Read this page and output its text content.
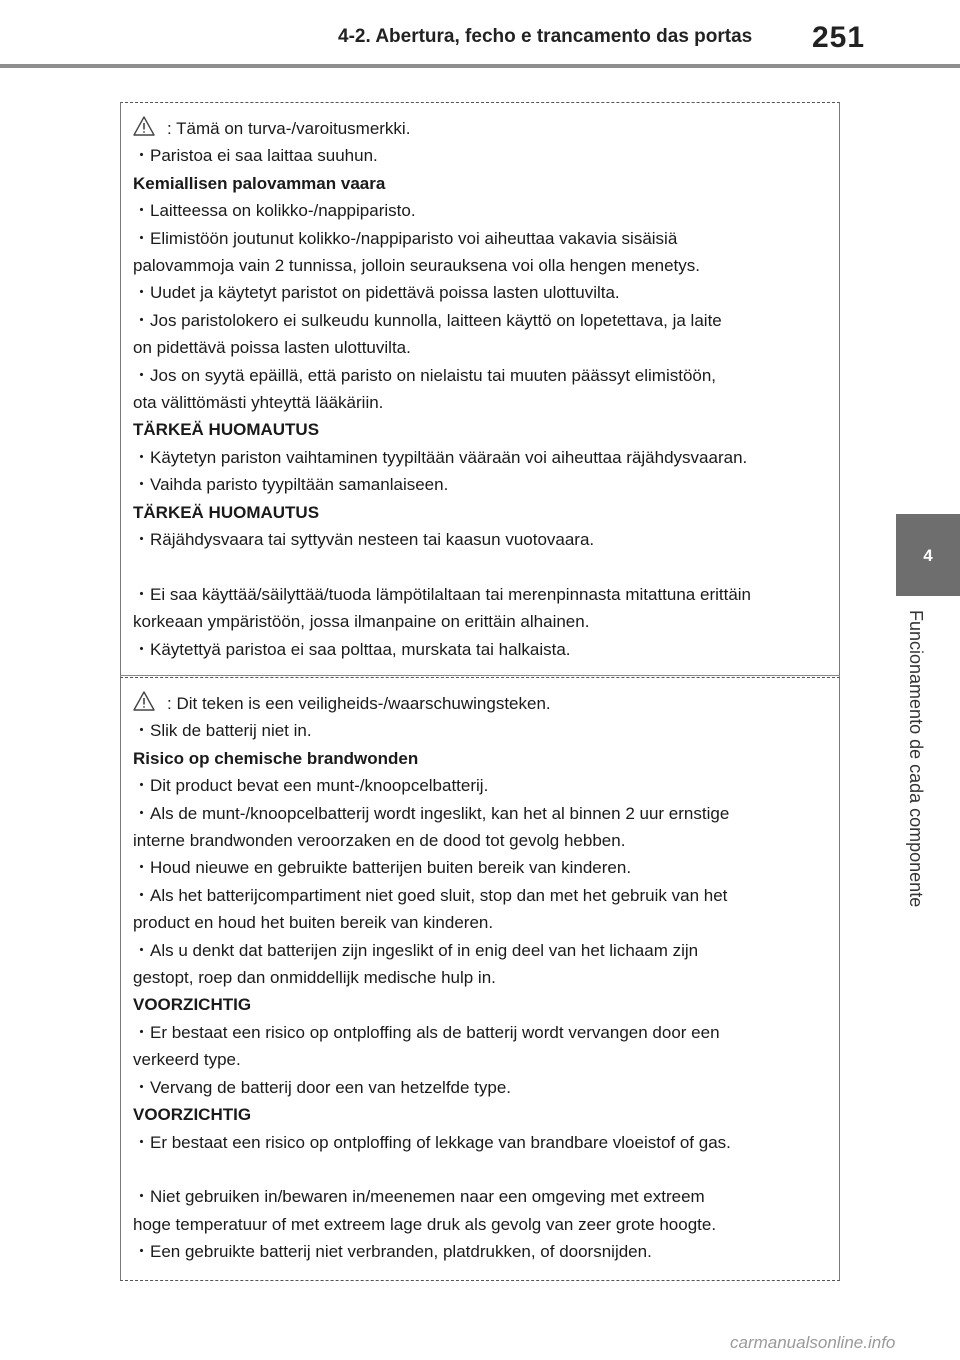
4-2. Abertura, fecho e trancamento das portas 251
4
Funcionamento de cada componente
: Tämä on turva-/varoitusmerkki.
・Paristoa ei saa laittaa suuhun.
Kemiallisen palovamman vaara
・Laitteessa on kolikko-/nappiparisto.
・Elimistöön joutunut kolikko-/nappiparisto voi aiheuttaa vakavia sisäisiä
palovammoja vain 2 tunnissa, jolloin seurauksena voi olla hengen menetys.
・Uudet ja käytetyt paristot on pidettävä poissa lasten ulottuvilta.
・Jos paristolokero ei sulkeudu kunnolla, laitteen käyttö on lopetettava, ja laite
on pidettävä poissa lasten ulottuvilta.
・Jos on syytä epäillä, että paristo on nielaistu tai muuten päässyt elimistöön,
ota välittömästi yhteyttä lääkäriin.
TÄRKEÄ HUOMAUTUS
・Käytetyn pariston vaihtaminen tyypiltään vääraän voi aiheuttaa räjähdysvaaran.
・Vaihda paristo tyypiltään samanlaiseen.
TÄRKEÄ HUOMAUTUS
・Räjähdysvaara tai syttyvän nesteen tai kaasun vuotovaara.
・Ei saa käyttää/säilyttää/tuoda lämpötilaltaan tai merenpinnasta mitattuna erittäin
korkeaan ympäristöön, jossa ilmanpaine on erittäin alhainen.
・Käytettyä paristoa ei saa polttaa, murskata tai halkaista.
: Dit teken is een veiligheids-/waarschuwingsteken.
・Slik de batterij niet in.
Risico op chemische brandwonden
・Dit product bevat een munt-/knoopcelbatterij.
・Als de munt-/knoopcelbatterij wordt ingeslikt, kan het al binnen 2 uur ernstige
interne brandwonden veroorzaken en de dood tot gevolg hebben.
・Houd nieuwe en gebruikte batterijen buiten bereik van kinderen.
・Als het batterijcompartiment niet goed sluit, stop dan met het gebruik van het
product en houd het buiten bereik van kinderen.
・Als u denkt dat batterijen zijn ingeslikt of in enig deel van het lichaam zijn
gestopt, roep dan onmiddellijk medische hulp in.
VOORZICHTIG
・Er bestaat een risico op ontploffing als de batterij wordt vervangen door een
verkeerd type.
・Vervang de batterij door een van hetzelfde type.
VOORZICHTIG
・Er bestaat een risico op ontploffing of lekkage van brandbare vloeistof of gas.
・Niet gebruiken in/bewaren in/meenemen naar een omgeving met extreem
hoge temperatuur of met extreem lage druk als gevolg van zeer grote hoogte.
・Een gebruikte batterij niet verbranden, platdrukken, of doorsnijden.
carmanualsonline.info
